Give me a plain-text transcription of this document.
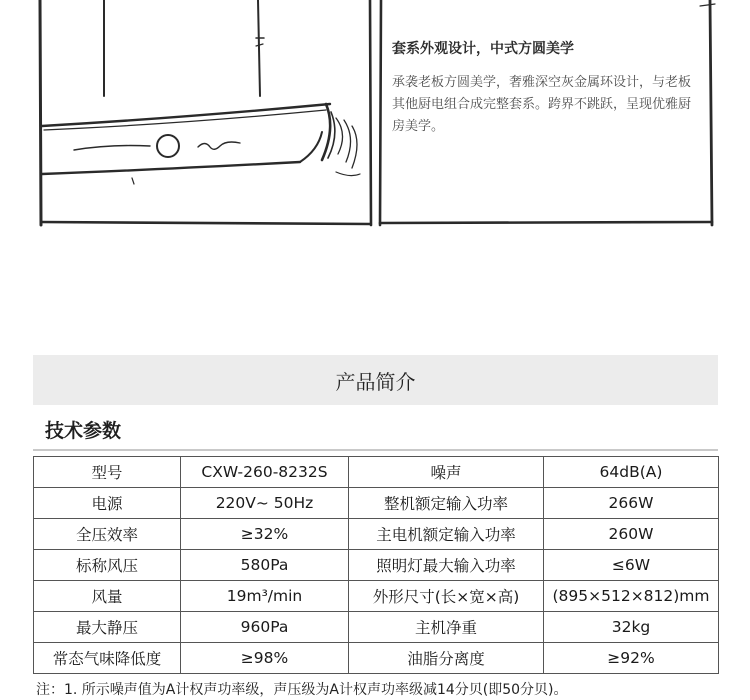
套系外观设计，中式方圆美学
承袭老板方圆美学，奢雅深空灰金属环设计，与老板其他厨电组合成完整套系。跨界不跳跃，呈现优雅厨房美学。
产品简介
技术参数
型号	CXW-260-8232S	噪声	64dB(A)
电源	220V~ 50Hz	整机额定输入功率	266W
全压效率	≥32%	主电机额定输入功率	260W
标称风压	580Pa	照明灯最大输入功率	≤6W
风量	19m³/min	外形尺寸(长×宽×高)	(895×512×812)mm
最大静压	960Pa	主机净重	32kg
常态气味降低度	≥98%	油脂分离度	≥92%
注：1. 所示噪声值为A计权声功率级，声压级为A计权声功率级减14分贝(即50分贝)。
